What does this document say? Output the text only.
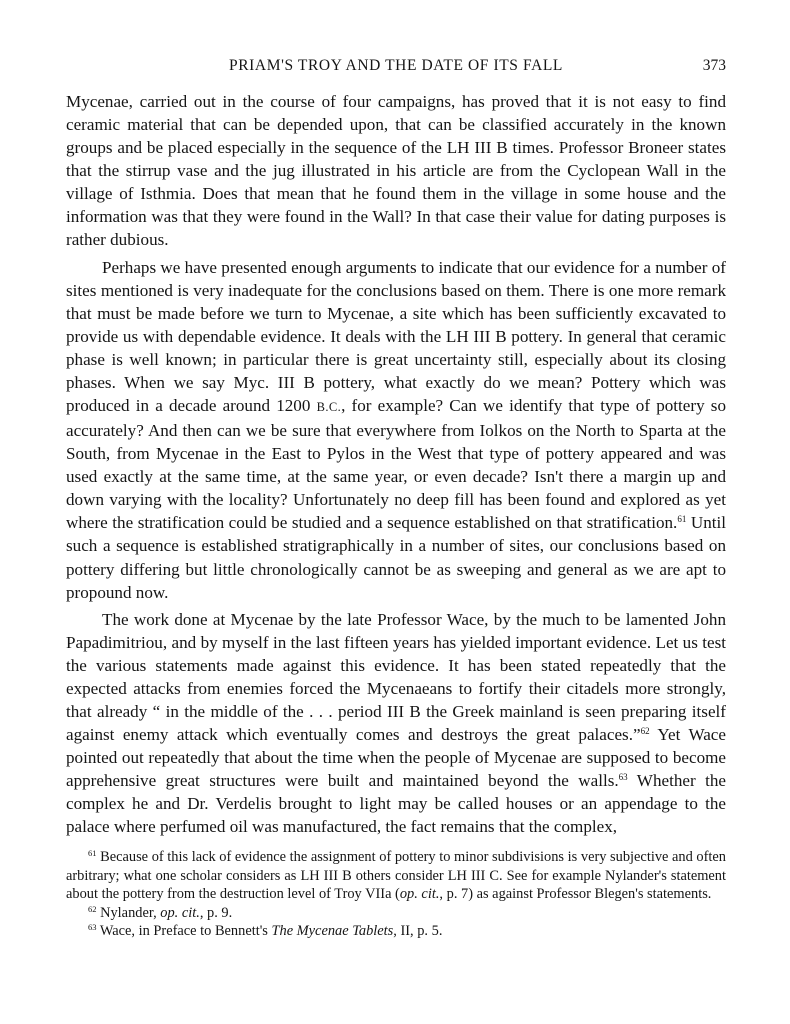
PRIAM'S TROY AND THE DATE OF ITS FALL	373

Mycenae, carried out in the course of four campaigns, has proved that it is not easy to find ceramic material that can be depended upon, that can be classified accurately in the known groups and be placed especially in the sequence of the LH III B times. Professor Broneer states that the stirrup vase and the jug illustrated in his article are from the Cyclopean Wall in the village of Isthmia. Does that mean that he found them in the village in some house and the information was that they were found in the Wall? In that case their value for dating purposes is rather dubious.

Perhaps we have presented enough arguments to indicate that our evidence for a number of sites mentioned is very inadequate for the conclusions based on them. There is one more remark that must be made before we turn to Mycenae, a site which has been sufficiently excavated to provide us with dependable evidence. It deals with the LH III B pottery. In general that ceramic phase is well known; in particular there is great uncertainty still, especially about its closing phases. When we say Myc. III B pottery, what exactly do we mean? Pottery which was produced in a decade around 1200 B.C., for example? Can we identify that type of pottery so accurately? And then can we be sure that everywhere from Iolkos on the North to Sparta at the South, from Mycenae in the East to Pylos in the West that type of pottery appeared and was used exactly at the same time, at the same year, or even decade? Isn't there a margin up and down varying with the locality? Unfortunately no deep fill has been found and explored as yet where the stratification could be studied and a sequence established on that stratification.$^{61}$ Until such a sequence is established stratigraphically in a number of sites, our conclusions based on pottery differing but little chronologically cannot be as sweeping and general as we are apt to propound now.

The work done at Mycenae by the late Professor Wace, by the much to be lamented John Papadimitriou, and by myself in the last fifteen years has yielded important evidence. Let us test the various statements made against this evidence. It has been stated repeatedly that the expected attacks from enemies forced the Mycenaeans to fortify their citadels more strongly, that already “ in the middle of the . . . period III B the Greek mainland is seen preparing itself against enemy attack which eventually comes and destroys the great palaces.”$^{62}$ Yet Wace pointed out repeatedly that about the time when the people of Mycenae are supposed to become apprehensive great structures were built and maintained beyond the walls.$^{63}$ Whether the complex he and Dr. Verdelis brought to light may be called houses or an appendage to the palace where perfumed oil was manufactured, the fact remains that the complex,

$^{61}$ Because of this lack of evidence the assignment of pottery to minor subdivisions is very subjective and often arbitrary; what one scholar considers as LH III B others consider LH III C. See for example Nylander's statement about the pottery from the destruction level of Troy VIIa (op. cit., p. 7) as against Professor Blegen's statements.

$^{62}$ Nylander, op. cit., p. 9.

$^{63}$ Wace, in Preface to Bennett's The Mycenae Tablets, II, p. 5.
